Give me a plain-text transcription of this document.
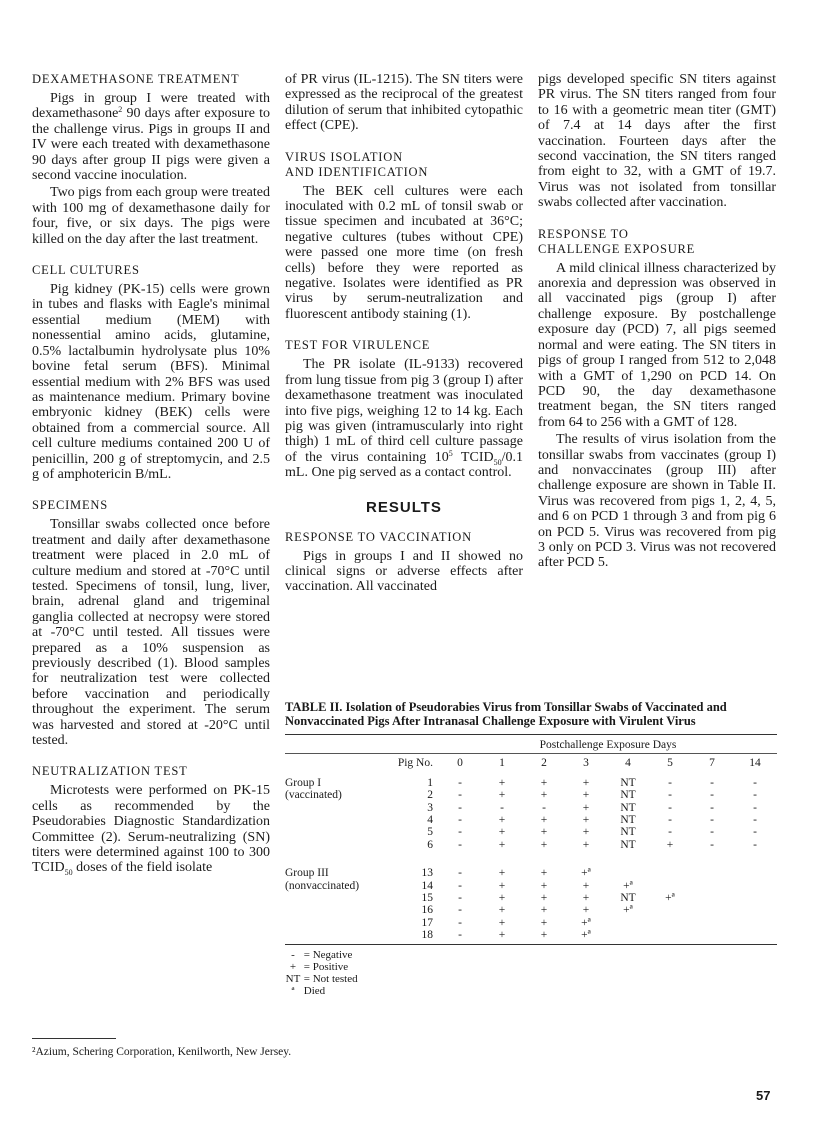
DEXAMETHASONE TREATMENT

Pigs in group I were treated with dexamethasone$^2$ 90 days after exposure to the challenge virus. Pigs in groups II and IV were each treated with dexamethasone 90 days after group II pigs were given a second vaccine inoculation.

Two pigs from each group were treated with 100 mg of dexamethasone daily for four, five, or six days. The pigs were killed on the day after the last treatment.

CELL CULTURES

Pig kidney (PK-15) cells were grown in tubes and flasks with Eagle's minimal essential medium (MEM) with nonessential amino acids, glutamine, 0.5% lactalbumin hydrolysate plus 10% bovine fetal serum (BFS). Minimal essential medium with 2% BFS was used as maintenance medium. Primary bovine embryonic kidney (BEK) cells were obtained from a commercial source. All cell culture mediums contained 200 U of penicillin, 200 g of streptomycin, and 2.5 g of amphotericin B/mL.

SPECIMENS

Tonsillar swabs collected once before treatment and daily after dexamethasone treatment were placed in 2.0 mL of culture medium and stored at -70°C until tested. Specimens of tonsil, lung, liver, brain, adrenal gland and trigeminal ganglia collected at necropsy were stored at -70°C until tested. All tissues were prepared as a 10% suspension as previously described (1). Blood samples for neutralization test were collected before vaccination and periodically throughout the experiment. The serum was harvested and stored at -20°C until tested.

NEUTRALIZATION TEST

Microtests were performed on PK-15 cells as recommended by the Pseudorabies Diagnostic Standardization Committee (2). Serum-neutralizing (SN) titers were determined against 100 to 300 $TCID_{50}$ doses of the field isolate

of PR virus (IL-1215). The SN titers were expressed as the reciprocal of the greatest dilution of serum that inhibited cytopathic effect (CPE).

VIRUS ISOLATION
AND IDENTIFICATION

The BEK cell cultures were each inoculated with 0.2 mL of tonsil swab or tissue specimen and incubated at 36°C; negative cultures (tubes without CPE) were passed one more time (on fresh cells) before they were reported as negative. Isolates were identified as PR virus by serum-neutralization and fluorescent antibody staining (1).

TEST FOR VIRULENCE

The PR isolate (IL-9133) recovered from lung tissue from pig 3 (group I) after dexamethasone treatment was inoculated into five pigs, weighing 12 to 14 kg. Each pig was given (intramuscularly into right thigh) 1 mL of third cell culture passage of the virus containing $10^5$ $TCID_{50}/0.1$ mL. One pig served as a contact control.

RESULTS
RESPONSE TO VACCINATION

Pigs in groups I and II showed no clinical signs or adverse effects after vaccination. All vaccinated

pigs developed specific SN titers against PR virus. The SN titers ranged from four to 16 with a geometric mean titer (GMT) of 7.4 at 14 days after the first vaccination. Fourteen days after the second vaccination, the SN titers ranged from eight to 32, with a GMT of 19.7. Virus was not isolated from tonsillar swabs collected after vaccination.

RESPONSE TO
CHALLENGE EXPOSURE

A mild clinical illness characterized by anorexia and depression was observed in all vaccinated pigs (group I) after challenge exposure. By postchallenge exposure day (PCD) 7, all pigs seemed normal and were eating. The SN titers in pigs of group I ranged from 512 to 2,048 with a GMT of 1,290 on PCD 14. On PCD 90, the day dexamethasone treatment began, the SN titers ranged from 64 to 256 with a GMT of 128.

The results of virus isolation from the tonsillar swabs from vaccinates (group I) and nonvaccinates (group III) after challenge exposure are shown in Table II. Virus was recovered from pigs 1, 2, 4, 5, and 6 on PCD 1 through 3 and from pig 6 on PCD 5. Virus was recovered from pig 3 only on PCD 3. Virus was not recovered after PCD 5.

TABLE II. Isolation of Pseudorabies Virus from Tonsillar Swabs of Vaccinated and Nonvaccinated Pigs After Intranasal Challenge Exposure with Virulent Virus
		Postchallenge Exposure Days							
	Pig No.	0	1	2	3	4	5	7	14
Group I	1	-	+	+	+	NT	-	-	-
(vaccinated)	2	-	+	+	+	NT	-	-	-
	3	-	-	-	+	NT	-	-	-
	4	-	+	+	+	NT	-	-	-
	5	-	+	+	+	NT	-	-	-
	6	-	+	+	+	NT	+	-	-
Group III	13	-	+	+	+ª				
(nonvaccinated)	14	-	+	+	+	+ª			
	15	-	+	+	+	NT	+ª		
	16	-	+	+	+	+ª			
	17	-	+	+	+ª				
	18	-	+	+	+ª				
- = Negative
+ = Positive
NT = Not tested
ª Died
²Azium, Schering Corporation, Kenilworth, New Jersey.
57
